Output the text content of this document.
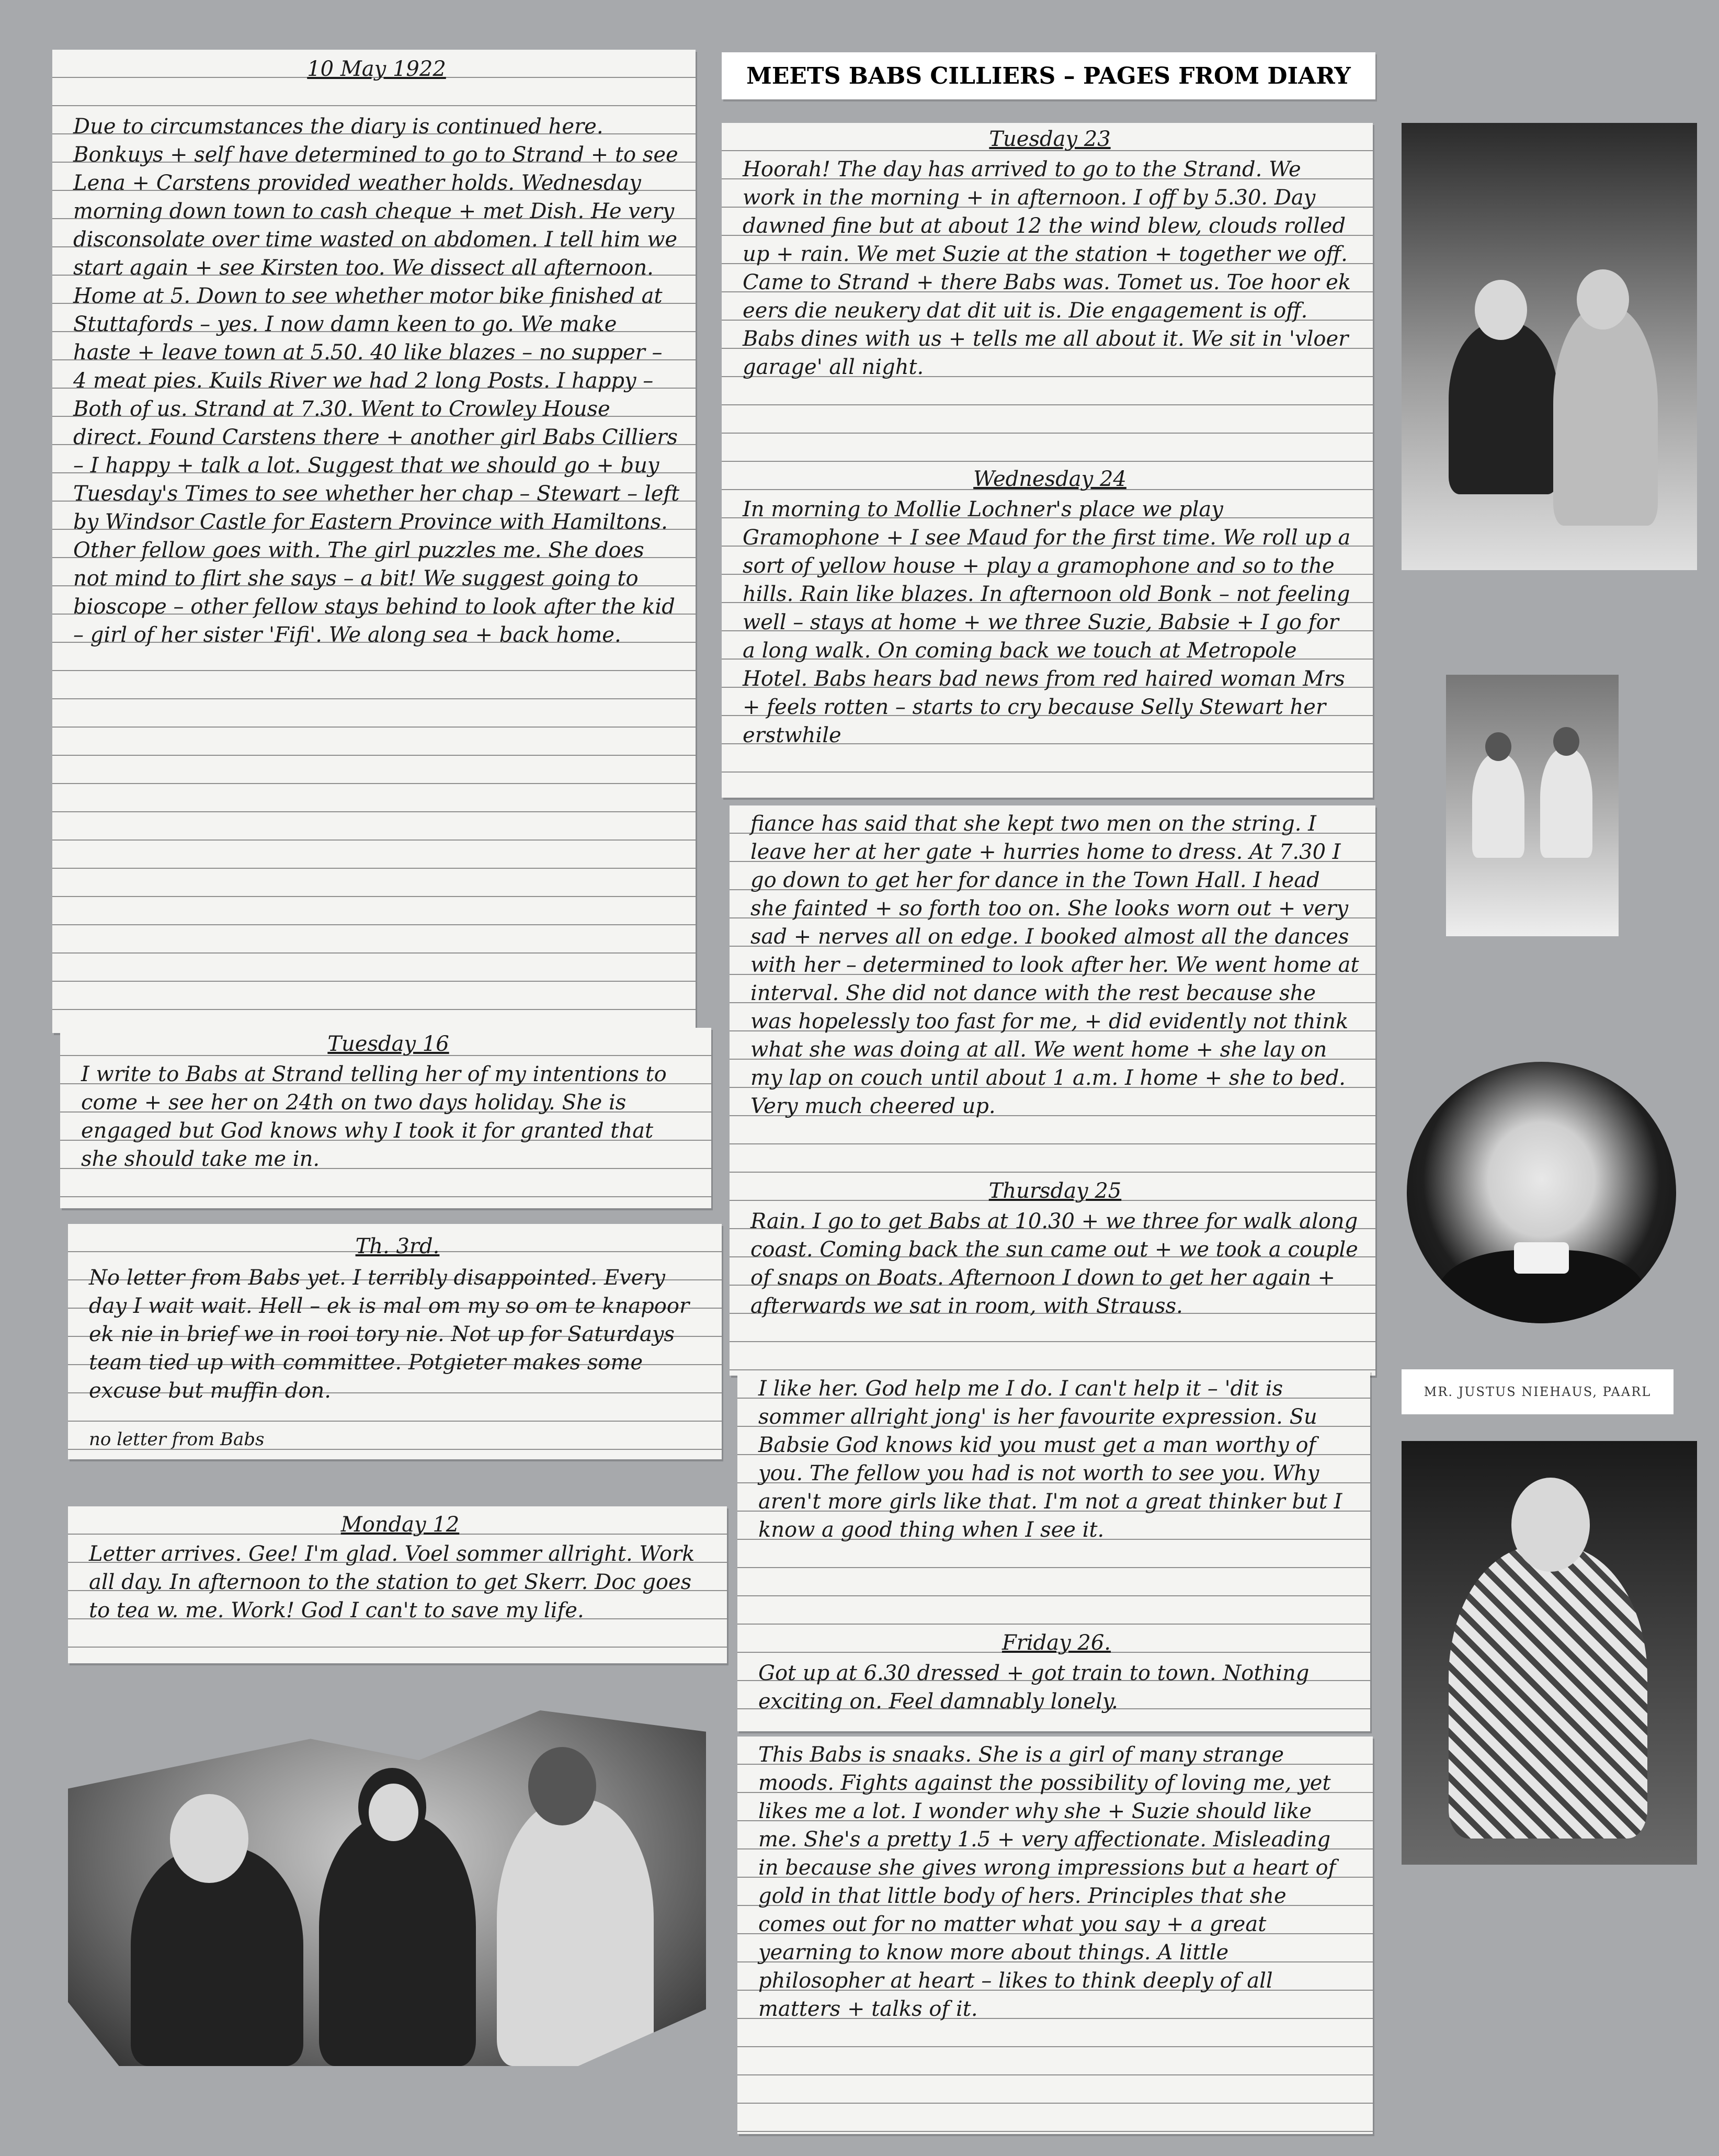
MEETS BABS CILLIERS – PAGES FROM DIARY
10 May 1922
Due to circumstances the diary is continued here. Bonkuys + self have determined to go to Strand + to see Lena + Carstens provided weather holds. Wednesday morning down town to cash cheque + met Dish. He very disconsolate over time wasted on abdomen. I tell him we start again + see Kirsten too. We dissect all afternoon. Home at 5. Down to see whether motor bike finished at Stuttafords – yes. I now damn keen to go. We make haste + leave town at 5.50. 40 like blazes – no supper – 4 meat pies. Kuils River we had 2 long Posts. I happy – Both of us. Strand at 7.30. Went to Crowley House direct. Found Carstens there + another girl Babs Cilliers – I happy + talk a lot. Suggest that we should go + buy Tuesday's Times to see whether her chap – Stewart – left by Windsor Castle for Eastern Province with Hamiltons. Other fellow goes with. The girl puzzles me. She does not mind to flirt she says – a bit! We suggest going to bioscope – other fellow stays behind to look after the kid – girl of her sister 'Fifi'. We along sea + back home.
Tuesday 16
I write to Babs at Strand telling her of my intentions to come + see her on 24th on two days holiday. She is engaged but God knows why I took it for granted that she should take me in.
Th. 3rd.
No letter from Babs yet. I terribly disappointed. Every day I wait wait. Hell – ek is mal om my so om te knapoor ek nie in brief we in rooi tory nie. Not up for Saturdays team tied up with committee. Potgieter makes some excuse but muffin don.
no letter from Babs
Monday 12
Letter arrives. Gee! I'm glad. Voel sommer allright. Work all day. In afternoon to the station to get Skerr. Doc goes to tea w. me. Work! God I can't to save my life.
Tuesday 23
Hoorah! The day has arrived to go to the Strand. We work in the morning + in afternoon. I off by 5.30. Day dawned fine but at about 12 the wind blew, clouds rolled up + rain. We met Suzie at the station + together we off. Came to Strand + there Babs was. Tomet us. Toe hoor ek eers die neukery dat dit uit is. Die engagement is off. Babs dines with us + tells me all about it. We sit in 'vloer garage' all night.
Wednesday 24
In morning to Mollie Lochner's place we play Gramophone + I see Maud for the first time. We roll up a sort of yellow house + play a gramophone and so to the hills. Rain like blazes. In afternoon old Bonk – not feeling well – stays at home + we three Suzie, Babsie + I go for a long walk. On coming back we touch at Metropole Hotel. Babs hears bad news from red haired woman Mrs + feels rotten – starts to cry because Selly Stewart her erstwhile
fiance has said that she kept two men on the string. I leave her at her gate + hurries home to dress. At 7.30 I go down to get her for dance in the Town Hall. I head she fainted + so forth too on. She looks worn out + very sad + nerves all on edge. I booked almost all the dances with her – determined to look after her. We went home at interval. She did not dance with the rest because she was hopelessly too fast for me, + did evidently not think what she was doing at all. We went home + she lay on my lap on couch until about 1 a.m. I home + she to bed. Very much cheered up.
Thursday 25
Rain. I go to get Babs at 10.30 + we three for walk along coast. Coming back the sun came out + we took a couple of snaps on Boats. Afternoon I down to get her again + afterwards we sat in room, with Strauss.
I like her. God help me I do. I can't help it – 'dit is sommer allright jong' is her favourite expression. Su Babsie God knows kid you must get a man worthy of you. The fellow you had is not worth to see you. Why aren't more girls like that. I'm not a great thinker but I know a good thing when I see it.
Friday 26.
Got up at 6.30 dressed + got train to town. Nothing exciting on. Feel damnably lonely.
This Babs is snaaks. She is a girl of many strange moods. Fights against the possibility of loving me, yet likes me a lot. I wonder why she + Suzie should like me. She's a pretty 1.5 + very affectionate. Misleading in because she gives wrong impressions but a heart of gold in that little body of hers. Principles that she comes out for no matter what you say + a great yearning to know more about things. A little philosopher at heart – likes to think deeply of all matters + talks of it.
MR. JUSTUS NIEHAUS, PAARL
